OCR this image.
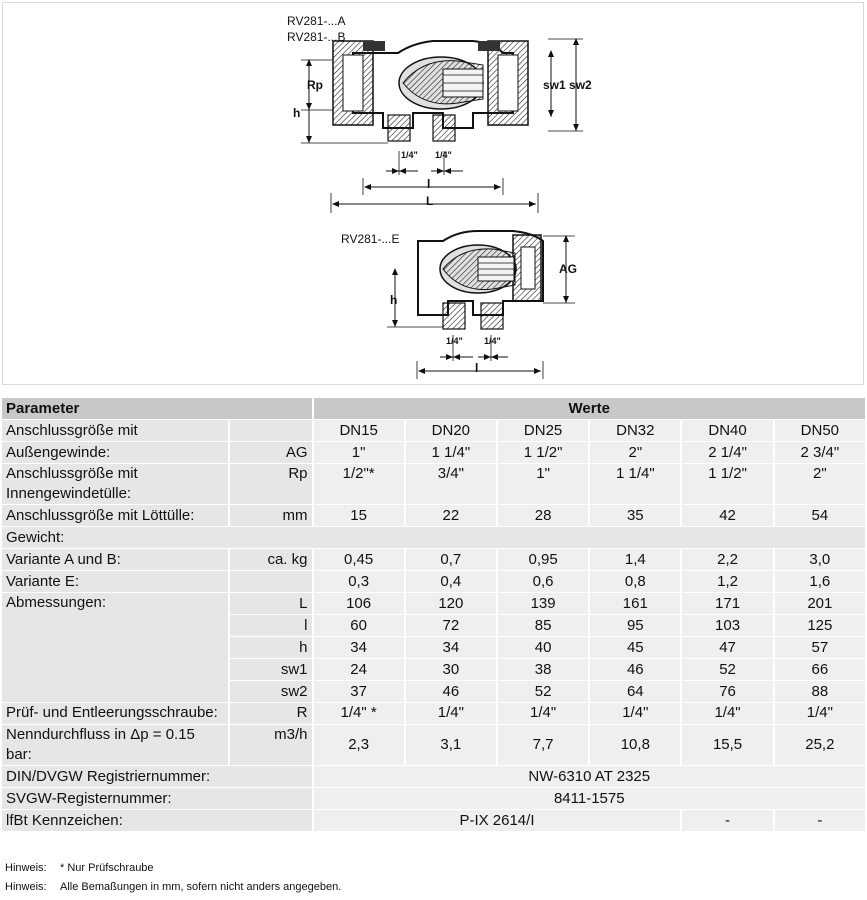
RV281-...A
RV281-...B
Rp
h
sw1 sw2
1/4" 1/4"
l
L
RV281-...E
AG
h
1/4" 1/4"
l
Parameter		Werte					
Anschlussgröße mit		DN15	DN20	DN25	DN32	DN40	DN50
Außengewinde:	AG	1"	1 1/4"	1 1/2"	2"	2 1/4"	2 3/4"
Anschlussgröße mit Innengewindetülle:	Rp	1/2"*	3/4"	1"	1 1/4"	1 1/2"	2"
Anschlussgröße mit Löttülle:	mm	15	22	28	35	42	54
Gewicht:							
Variante A und B:	ca. kg	0,45	0,7	0,95	1,4	2,2	3,0
Variante E:		0,3	0,4	0,6	0,8	1,2	1,6
Abmessungen:	L	106	120	139	161	171	201
	l	60	72	85	95	103	125
	h	34	34	40	45	47	57
	sw1	24	30	38	46	52	66
	sw2	37	46	52	64	76	88
Prüf- und Entleerungsschraube:	R	1/4" *	1/4"	1/4"	1/4"	1/4"	1/4"
Nenndurchfluss in Δp = 0.15 bar:	m3/h	2,3	3,1	7,7	10,8	15,5	25,2
DIN/DVGW Registriernummer:		NW-6310 AT 2325					
SVGW-Registernummer:		8411-1575					
lfBt Kennzeichen:		P-IX 2614/I				-	-
Hinweis: * Nur Prüfschraube
Hinweis: Alle Bemaßungen in mm, sofern nicht anders angegeben.
